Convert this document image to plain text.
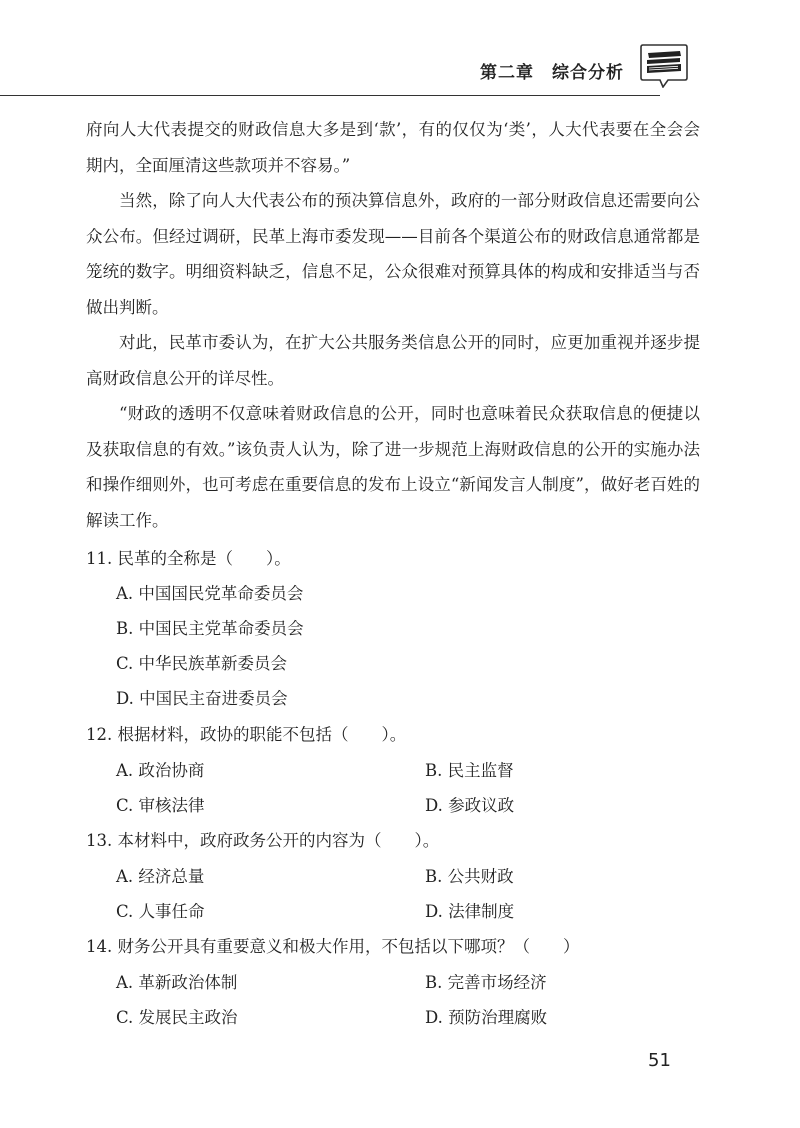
第二章 综合分析

府向人大代表提交的财政信息大多是到‘款’，有的仅仅为‘类’，人大代表要在全会会期内，全面厘清这些款项并不容易。”

当然，除了向人大代表公布的预决算信息外，政府的一部分财政信息还需要向公众公布。但经过调研，民革上海市委发现——目前各个渠道公布的财政信息通常都是笼统的数字。明细资料缺乏，信息不足，公众很难对预算具体的构成和安排适当与否做出判断。

对此，民革市委认为，在扩大公共服务类信息公开的同时，应更加重视并逐步提高财政信息公开的详尽性。

“财政的透明不仅意味着财政信息的公开，同时也意味着民众获取信息的便捷以及获取信息的有效。”该负责人认为，除了进一步规范上海财政信息的公开的实施办法和操作细则外，也可考虑在重要信息的发布上设立“新闻发言人制度”，做好老百姓的解读工作。

11. 民革的全称是（　　）。
A. 中国国民党革命委员会
B. 中国民主党革命委员会
C. 中华民族革新委员会
D. 中国民主奋进委员会
12. 根据材料，政协的职能不包括（　　）。
A. 政治协商	B. 民主监督
C. 审核法律	D. 参政议政
13. 本材料中，政府政务公开的内容为（　　）。
A. 经济总量	B. 公共财政
C. 人事任命	D. 法律制度
14. 财务公开具有重要意义和极大作用，不包括以下哪项？（　　）
A. 革新政治体制	B. 完善市场经济
C. 发展民主政治	D. 预防治理腐败
51
